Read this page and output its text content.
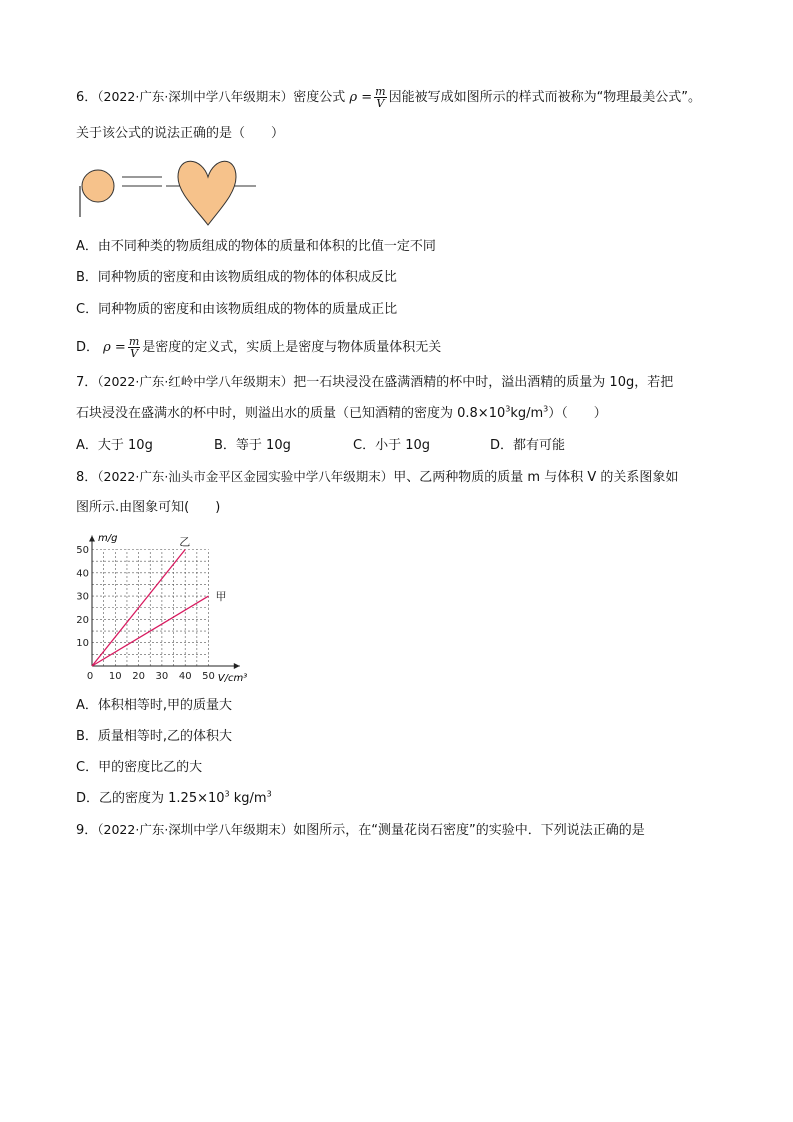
6．（2022·广东·深圳中学八年级期末）密度公式 $\rho = \frac{m}{V}$ 因能被写成如图所示的样式而被称为“物理最美公式”。
关于该公式的说法正确的是（　　）
A．由不同种类的物质组成的物体的质量和体积的比值一定不同
B．同种物质的密度和由该物质组成的物体的体积成反比
C．同种物质的密度和由该物质组成的物体的质量成正比
D． $\rho = \frac{m}{V}$ 是密度的定义式，实质上是密度与物体质量体积无关
7．（2022·广东·红岭中学八年级期末）把一石块浸没在盛满酒精的杯中时，溢出酒精的质量为 10g，若把
石块浸没在盛满水的杯中时，则溢出水的质量（已知酒精的密度为 $0.8\times 10^3kg/m^3$）（　　）
A．大于 10g	B．等于 10g	C．小于 10g	D．都有可能
8．（2022·广东·汕头市金平区金园实验中学八年级期末）甲、乙两种物质的质量 m 与体积 V 的关系图象如
图所示.由图象可知(　　)
0 10 20 30 40 50
10
20
30
40
50
乙
甲
m/g
V/cm³
A．体积相等时,甲的质量大
B．质量相等时,乙的体积大
C．甲的密度比乙的大
D．乙的密度为 $1.25\times 10^3$ $kg/m^3$
9．（2022·广东·深圳中学八年级期末）如图所示，在“测量花岗石密度”的实验中．下列说法正确的是
